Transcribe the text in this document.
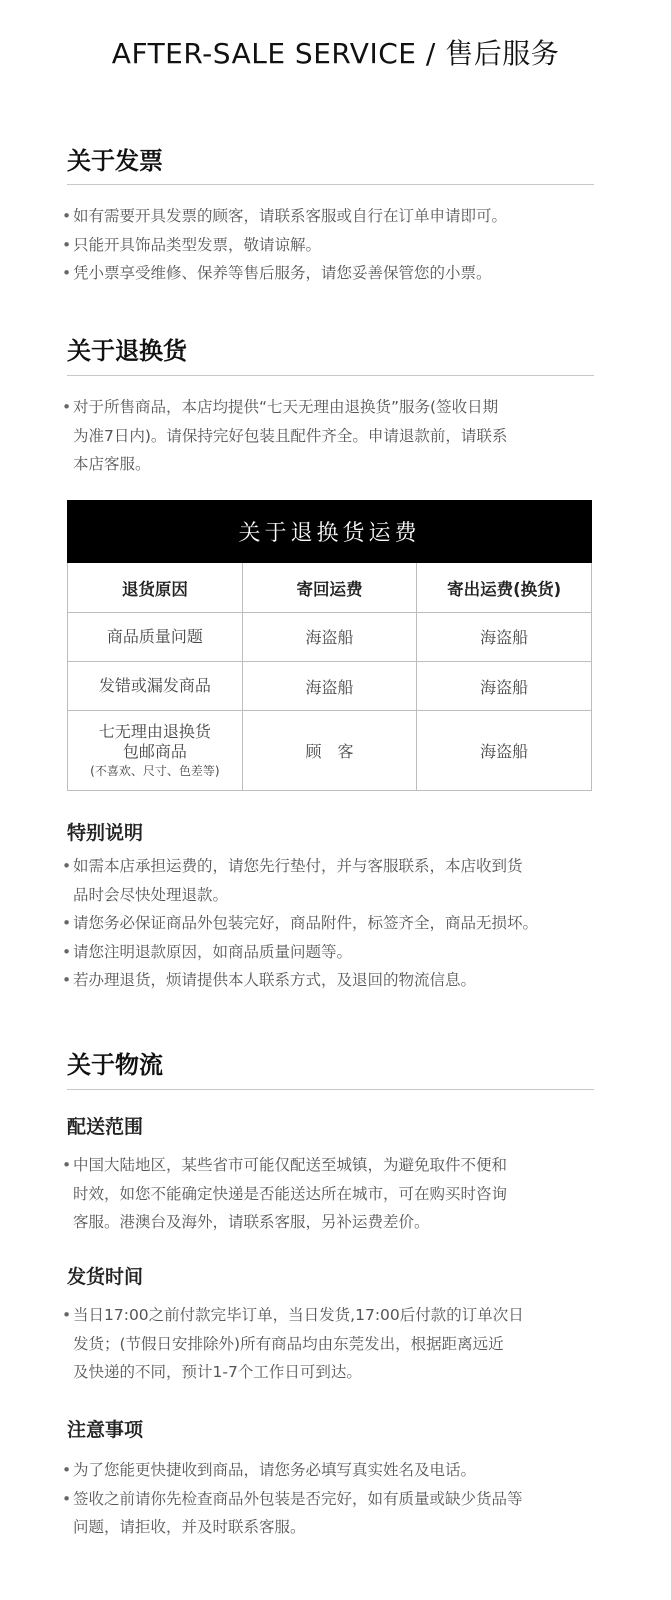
AFTER-SALE SERVICE / 售后服务
关于发票
• 如有需要开具发票的顾客，请联系客服或自行在订单申请即可。
• 只能开具饰品类型发票，敬请谅解。
• 凭小票享受维修、保养等售后服务，请您妥善保管您的小票。
关于退换货
• 对于所售商品，本店均提供“七天无理由退换货”服务(签收日期
为准7日内)。请保持完好包装且配件齐全。申请退款前，请联系
本店客服。
关于退换货运费		
退货原因	寄回运费	寄出运费(换货)

商品质量问题	海盗船	海盗船

发错或漏发商品	海盗船	海盗船

七无理由退换货
包邮商品
(不喜欢、尺寸、色差等)	顾　客	海盗船
特别说明
• 如需本店承担运费的，请您先行垫付，并与客服联系，本店收到货
品时会尽快处理退款。
• 请您务必保证商品外包装完好，商品附件，标签齐全，商品无损坏。
• 请您注明退款原因，如商品质量问题等。
• 若办理退货，烦请提供本人联系方式，及退回的物流信息。
关于物流
配送范围
• 中国大陆地区，某些省市可能仅配送至城镇，为避免取件不便和
时效，如您不能确定快递是否能送达所在城市，可在购买时咨询
客服。港澳台及海外，请联系客服，另补运费差价。
发货时间
• 当日17:00之前付款完毕订单，当日发货,17:00后付款的订单次日
发货；(节假日安排除外)所有商品均由东莞发出，根据距离远近
及快递的不同，预计1-7个工作日可到达。
注意事项
• 为了您能更快捷收到商品，请您务必填写真实姓名及电话。
• 签收之前请你先检查商品外包装是否完好，如有质量或缺少货品等
问题，请拒收，并及时联系客服。
